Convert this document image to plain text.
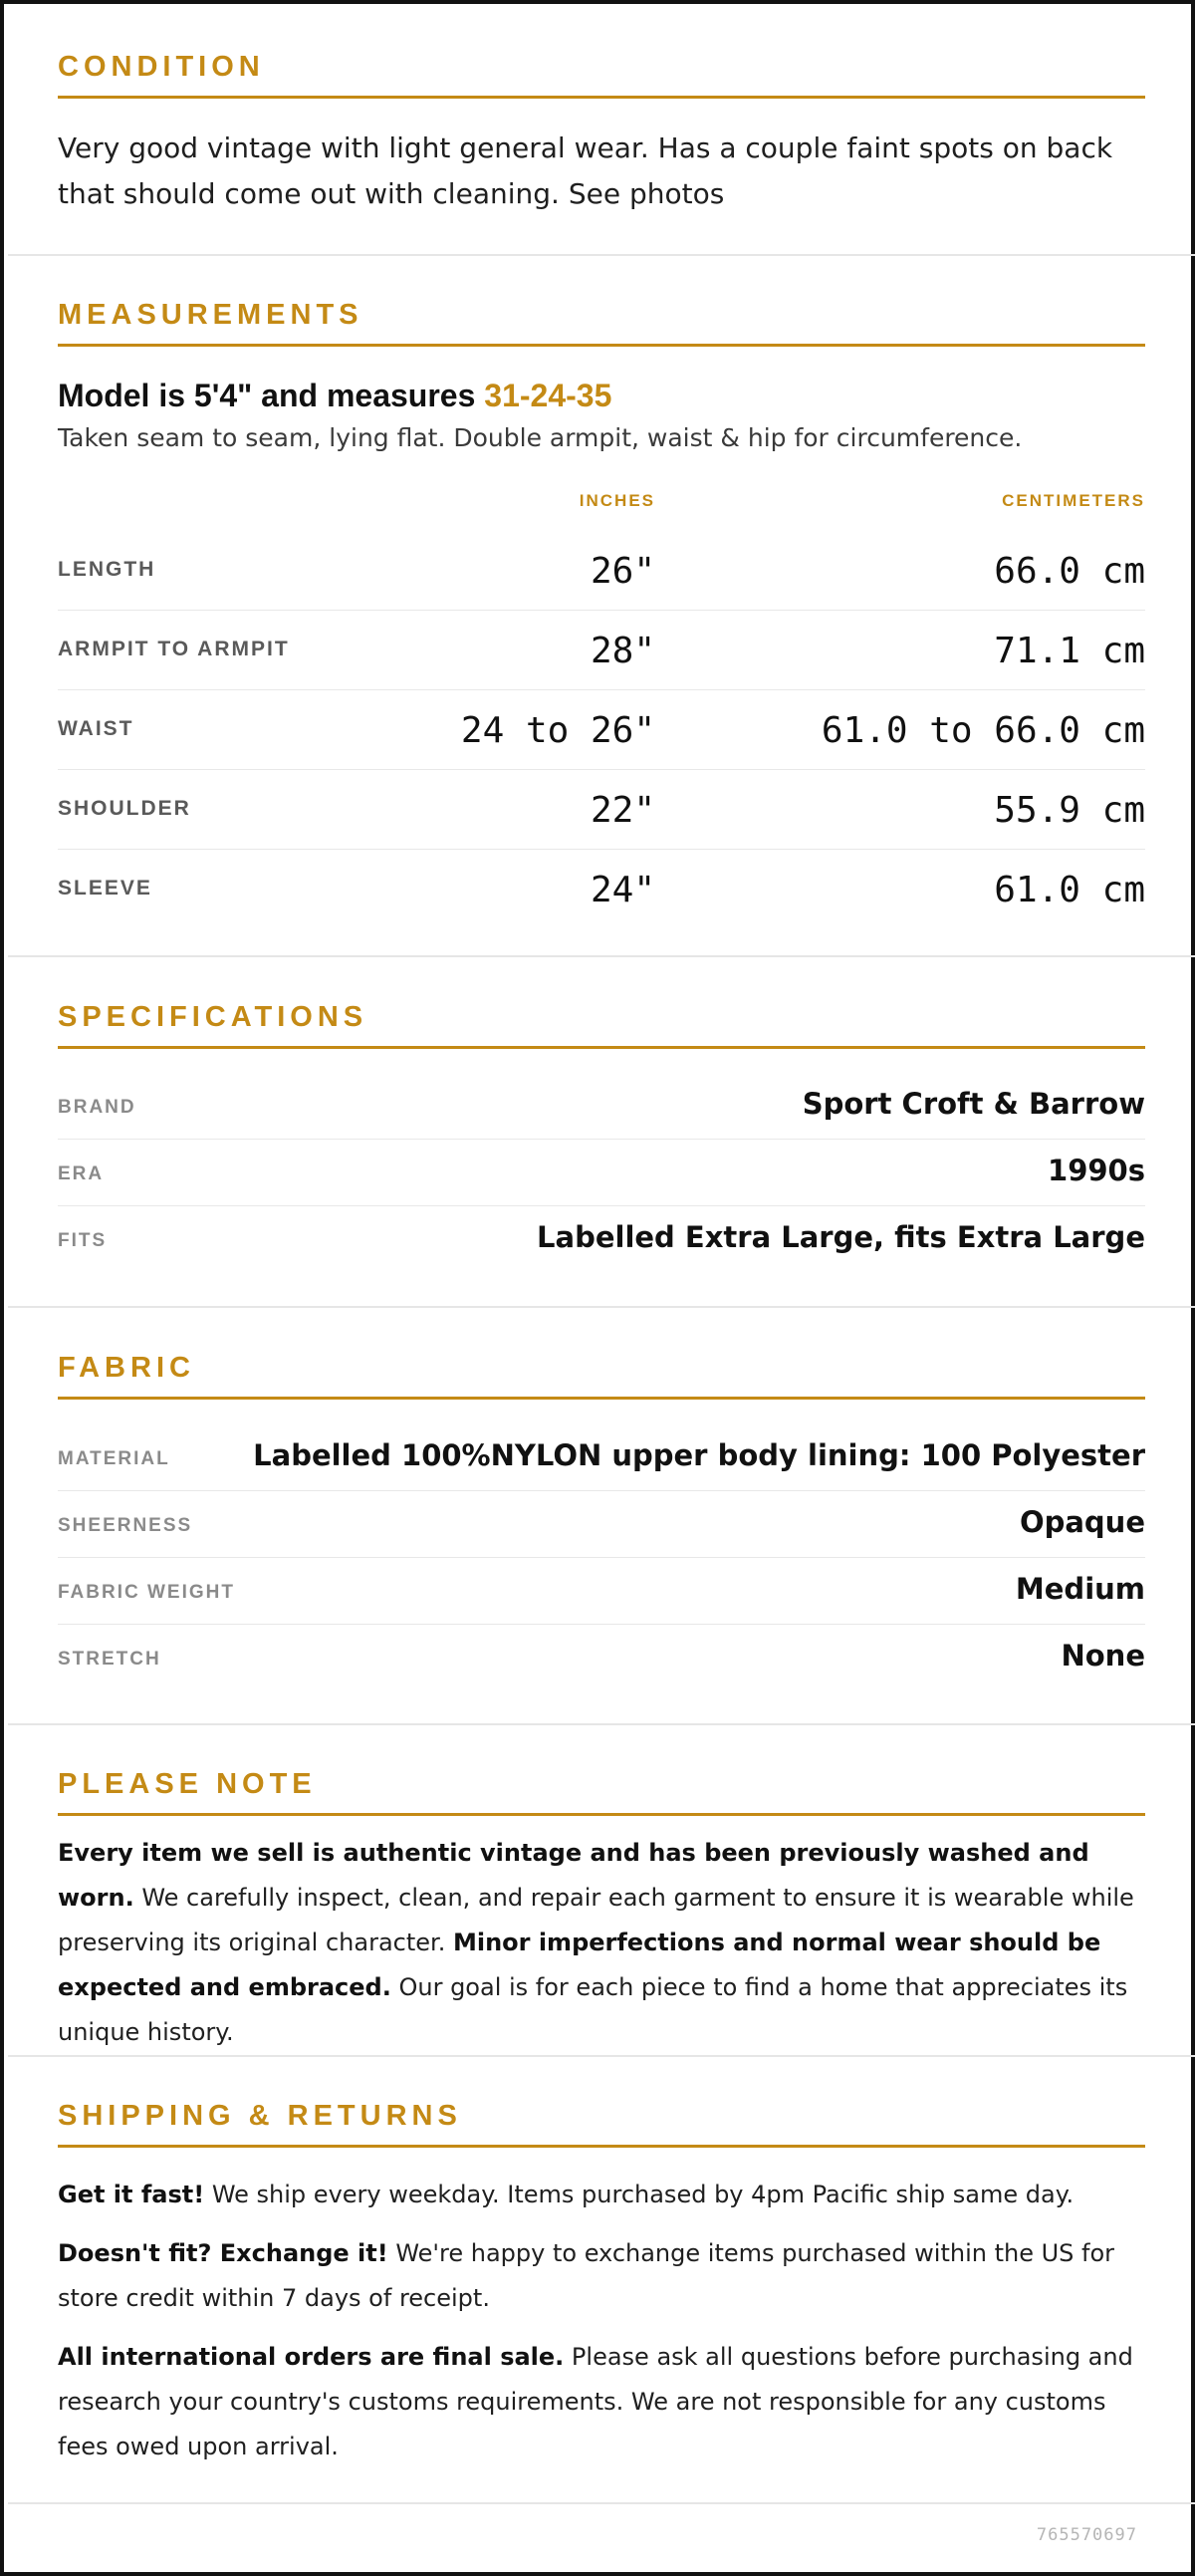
CONDITION
Very good vintage with light general wear. Has a couple faint spots on back that should come out with cleaning. See photos
MEASUREMENTS
Model is 5'4" and measures 31-24-35
Taken seam to seam, lying flat. Double armpit, waist & hip for circumference.
INCHES	CENTIMETERS
LENGTH	26"	66.0 cm
ARMPIT TO ARMPIT	28"	71.1 cm
WAIST	24 to 26"	61.0 to 66.0 cm
SHOULDER	22"	55.9 cm
SLEEVE	24"	61.0 cm
SPECIFICATIONS
BRAND	Sport Croft & Barrow
ERA	1990s
FITS	Labelled Extra Large, fits Extra Large
FABRIC
MATERIAL	Labelled 100%NYLON upper body lining: 100 Polyester
SHEERNESS	Opaque
FABRIC WEIGHT	Medium
STRETCH	None
PLEASE NOTE
Every item we sell is authentic vintage and has been previously washed and worn. We carefully inspect, clean, and repair each garment to ensure it is wearable while preserving its original character. Minor imperfections and normal wear should be expected and embraced. Our goal is for each piece to find a home that appreciates its unique history.
SHIPPING & RETURNS
Get it fast! We ship every weekday. Items purchased by 4pm Pacific ship same day.
Doesn't fit? Exchange it! We're happy to exchange items purchased within the US for store credit within 7 days of receipt.
All international orders are final sale. Please ask all questions before purchasing and research your country's customs requirements. We are not responsible for any customs fees owed upon arrival.
765570697
